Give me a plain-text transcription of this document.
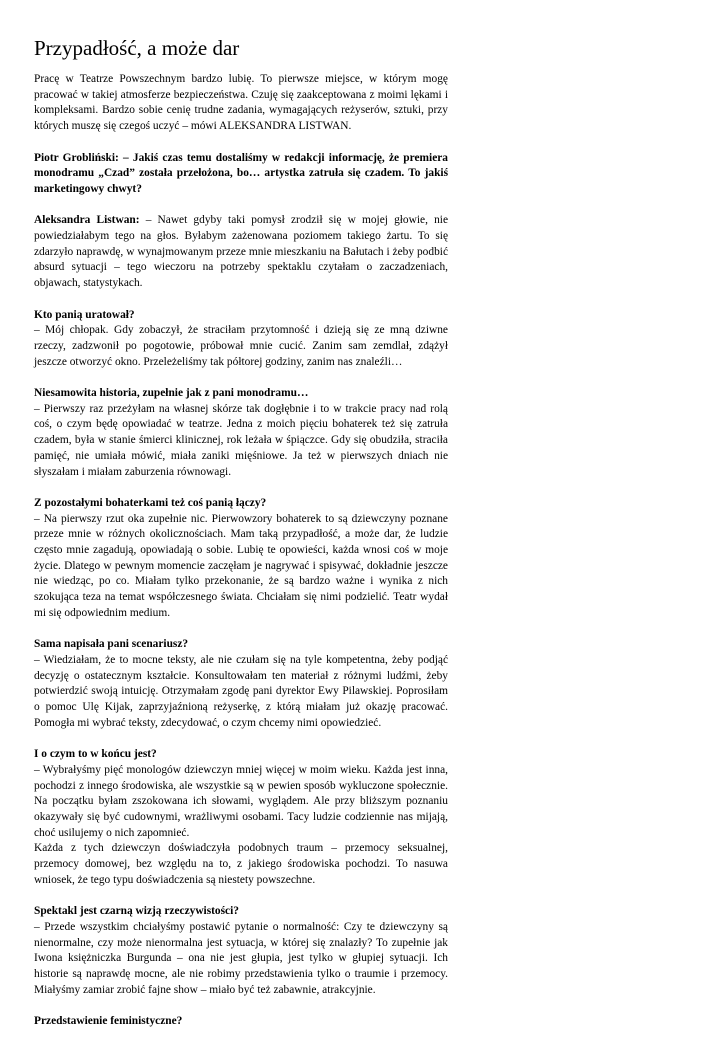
Przypadłość, a może dar

Pracę w Teatrze Powszechnym bardzo lubię. To pierwsze miejsce, w którym mogę pracować w takiej atmosferze bezpieczeństwa. Czuję się zaakceptowana z moimi lękami i kompleksami. Bardzo sobie cenię trudne zadania, wymagających reżyserów, sztuki, przy których muszę się czegoś uczyć – mówi ALEKSANDRA LISTWAN.

Piotr Grobliński: – Jakiś czas temu dostaliśmy w redakcji informację, że premiera monodramu „Czad” została przełożona, bo… artystka zatruła się czadem. To jakiś marketingowy chwyt?

Aleksandra Listwan: – Nawet gdyby taki pomysł zrodził się w mojej głowie, nie powiedziałabym tego na głos. Byłabym zażenowana poziomem takiego żartu. To się zdarzyło naprawdę, w wynajmowanym przeze mnie mieszkaniu na Bałutach i żeby podbić absurd sytuacji – tego wieczoru na potrzeby spektaklu czytałam o zaczadzeniach, objawach, statystykach.

Kto panią uratował?

– Mój chłopak. Gdy zobaczył, że straciłam przytomność i dzieją się ze mną dziwne rzeczy, zadzwonił po pogotowie, próbował mnie cucić. Zanim sam zemdlał, zdążył jeszcze otworzyć okno. Przeleżeliśmy tak półtorej godziny, zanim nas znaleźli…

Niesamowita historia, zupełnie jak z pani monodramu…

– Pierwszy raz przeżyłam na własnej skórze tak dogłębnie i to w trakcie pracy nad rolą coś, o czym będę opowiadać w teatrze. Jedna z moich pięciu bohaterek też się zatruła czadem, była w stanie śmierci klinicznej, rok leżała w śpiączce. Gdy się obudziła, straciła pamięć, nie umiała mówić, miała zaniki mięśniowe. Ja też w pierwszych dniach nie słyszałam i miałam zaburzenia równowagi.

Z pozostałymi bohaterkami też coś panią łączy?

– Na pierwszy rzut oka zupełnie nic. Pierwowzory bohaterek to są dziewczyny poznane przeze mnie w różnych okolicznościach. Mam taką przypadłość, a może dar, że ludzie często mnie zagadują, opowiadają o sobie. Lubię te opowieści, każda wnosi coś w moje życie. Dlatego w pewnym momencie zaczęłam je nagrywać i spisywać, dokładnie jeszcze nie wiedząc, po co. Miałam tylko przekonanie, że są bardzo ważne i wynika z nich szokująca teza na temat współczesnego świata. Chciałam się nimi podzielić. Teatr wydał mi się odpowiednim medium.

Sama napisała pani scenariusz?

– Wiedziałam, że to mocne teksty, ale nie czułam się na tyle kompetentna, żeby podjąć decyzję o ostatecznym kształcie. Konsultowałam ten materiał z różnymi ludźmi, żeby potwierdzić swoją intuicję. Otrzymałam zgodę pani dyrektor Ewy Pilawskiej. Poprosiłam o pomoc Ulę Kijak, zaprzyjaźnioną reżyserkę, z którą miałam już okazję pracować. Pomogła mi wybrać teksty, zdecydować, o czym chcemy nimi opowiedzieć.

I o czym to w końcu jest?

– Wybrałyśmy pięć monologów dziewczyn mniej więcej w moim wieku. Każda jest inna, pochodzi z innego środowiska, ale wszystkie są w pewien sposób wykluczone społecznie. Na początku byłam zszokowana ich słowami, wyglądem. Ale przy bliższym poznaniu okazywały się być cudownymi, wrażliwymi osobami. Tacy ludzie codziennie nas mijają, choć usilujemy o nich zapomnieć.

Każda z tych dziewczyn doświadczyła podobnych traum – przemocy seksualnej, przemocy domowej, bez względu na to, z jakiego środowiska pochodzi. To nasuwa wniosek, że tego typu doświadczenia są niestety powszechne.

Spektakl jest czarną wizją rzeczywistości?

– Przede wszystkim chciałyśmy postawić pytanie o normalność: Czy te dziewczyny są nienormalne, czy może nienormalna jest sytuacja, w której się znalazły? To zupełnie jak Iwona księżniczka Burgunda – ona nie jest głupia, jest tylko w głupiej sytuacji. Ich historie są naprawdę mocne, ale nie robimy przedstawienia tylko o traumie i przemocy. Miałyśmy zamiar zrobić fajne show – miało być też zabawnie, atrakcyjnie.

Przedstawienie feministyczne?
